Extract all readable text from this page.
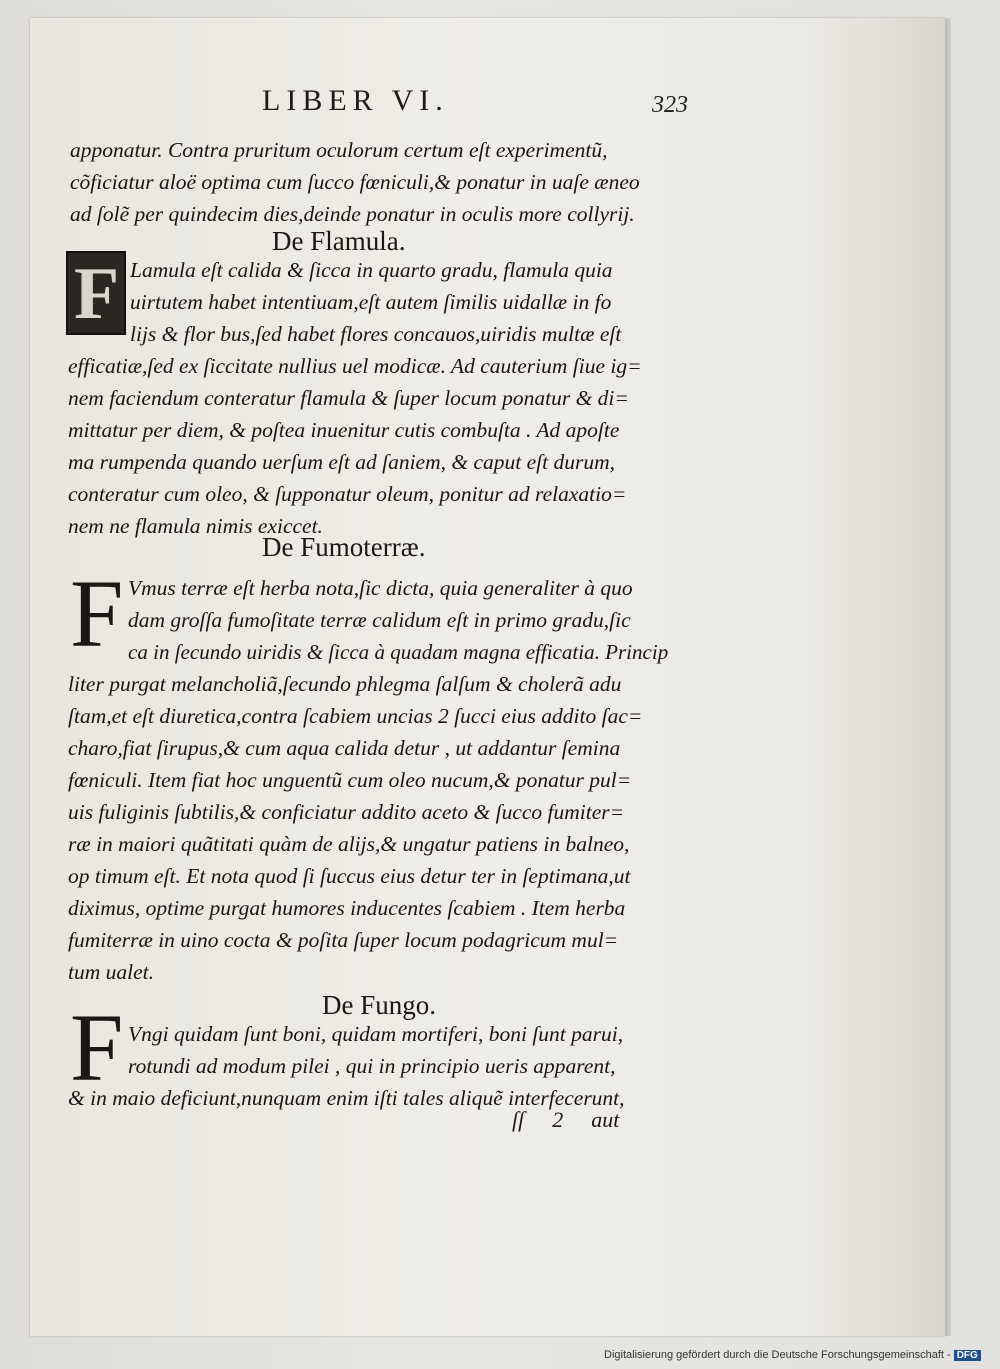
LIBER VI.	323
apponatur. Contra pruritum oculorum certum eſt experimentũ,
cõficiatur aloë optima cum ſucco fœniculi,& ponatur in uaſe æneo
ad ſolẽ per quindecim dies,deinde ponatur in oculis more collyrij.
De Flamula.
F Lamula eſt calida & ſicca in quarto gradu, flamula quia
uirtutem habet intentiuam,eſt autem ſimilis uidallæ in fo
lijs & flor bus,ſed habet flores concauos,uiridis multæ eſt
efficatiæ,ſed ex ſiccitate nullius uel modicæ. Ad cauterium ſiue ig=
nem faciendum conteratur flamula & ſuper locum ponatur & di=
mittatur per diem, & poſtea inuenitur cutis combuſta . Ad apoſte
ma rumpenda quando uerſum eſt ad ſaniem, & caput eſt durum,
conteratur cum oleo, & ſupponatur oleum, ponitur ad relaxatio=
nem ne flamula nimis exiccet.
De Fumoterræ.
F Vmus terræ eſt herba nota,ſic dicta, quia generaliter à quo
dam groſſa fumoſitate terræ calidum eſt in primo gradu,ſic
ca in ſecundo uiridis & ſicca à quadam magna efficatia. Princip
liter purgat melancholiã,ſecundo phlegma ſalſum & cholerã adu
ſtam,et eſt diuretica,contra ſcabiem uncias 2 ſucci eius addito ſac=
charo,fiat ſirupus,& cum aqua calida detur , ut addantur ſemina
fœniculi. Item fiat hoc unguentũ cum oleo nucum,& ponatur pul=
uis fuliginis ſubtilis,& conficiatur addito aceto & ſucco fumiter=
ræ in maiori quãtitati quàm de alijs,& ungatur patiens in balneo,
op timum eſt. Et nota quod ſi ſuccus eius detur ter in ſeptimana,ut
diximus, optime purgat humores inducentes ſcabiem . Item herba
fumiterræ in uino cocta & poſita ſuper locum podagricum mul=
tum ualet.
De Fungo.
F Vngi quidam ſunt boni, quidam mortiferi, boni ſunt parui,
rotundi ad modum pilei , qui in principio ueris apparent,
& in maio deficiunt,nunquam enim iſti tales aliquẽ interfecerunt,
ſſ 2 aut
Digitalisierung gefördert durch die Deutsche Forschungsgemeinschaft - DFG
